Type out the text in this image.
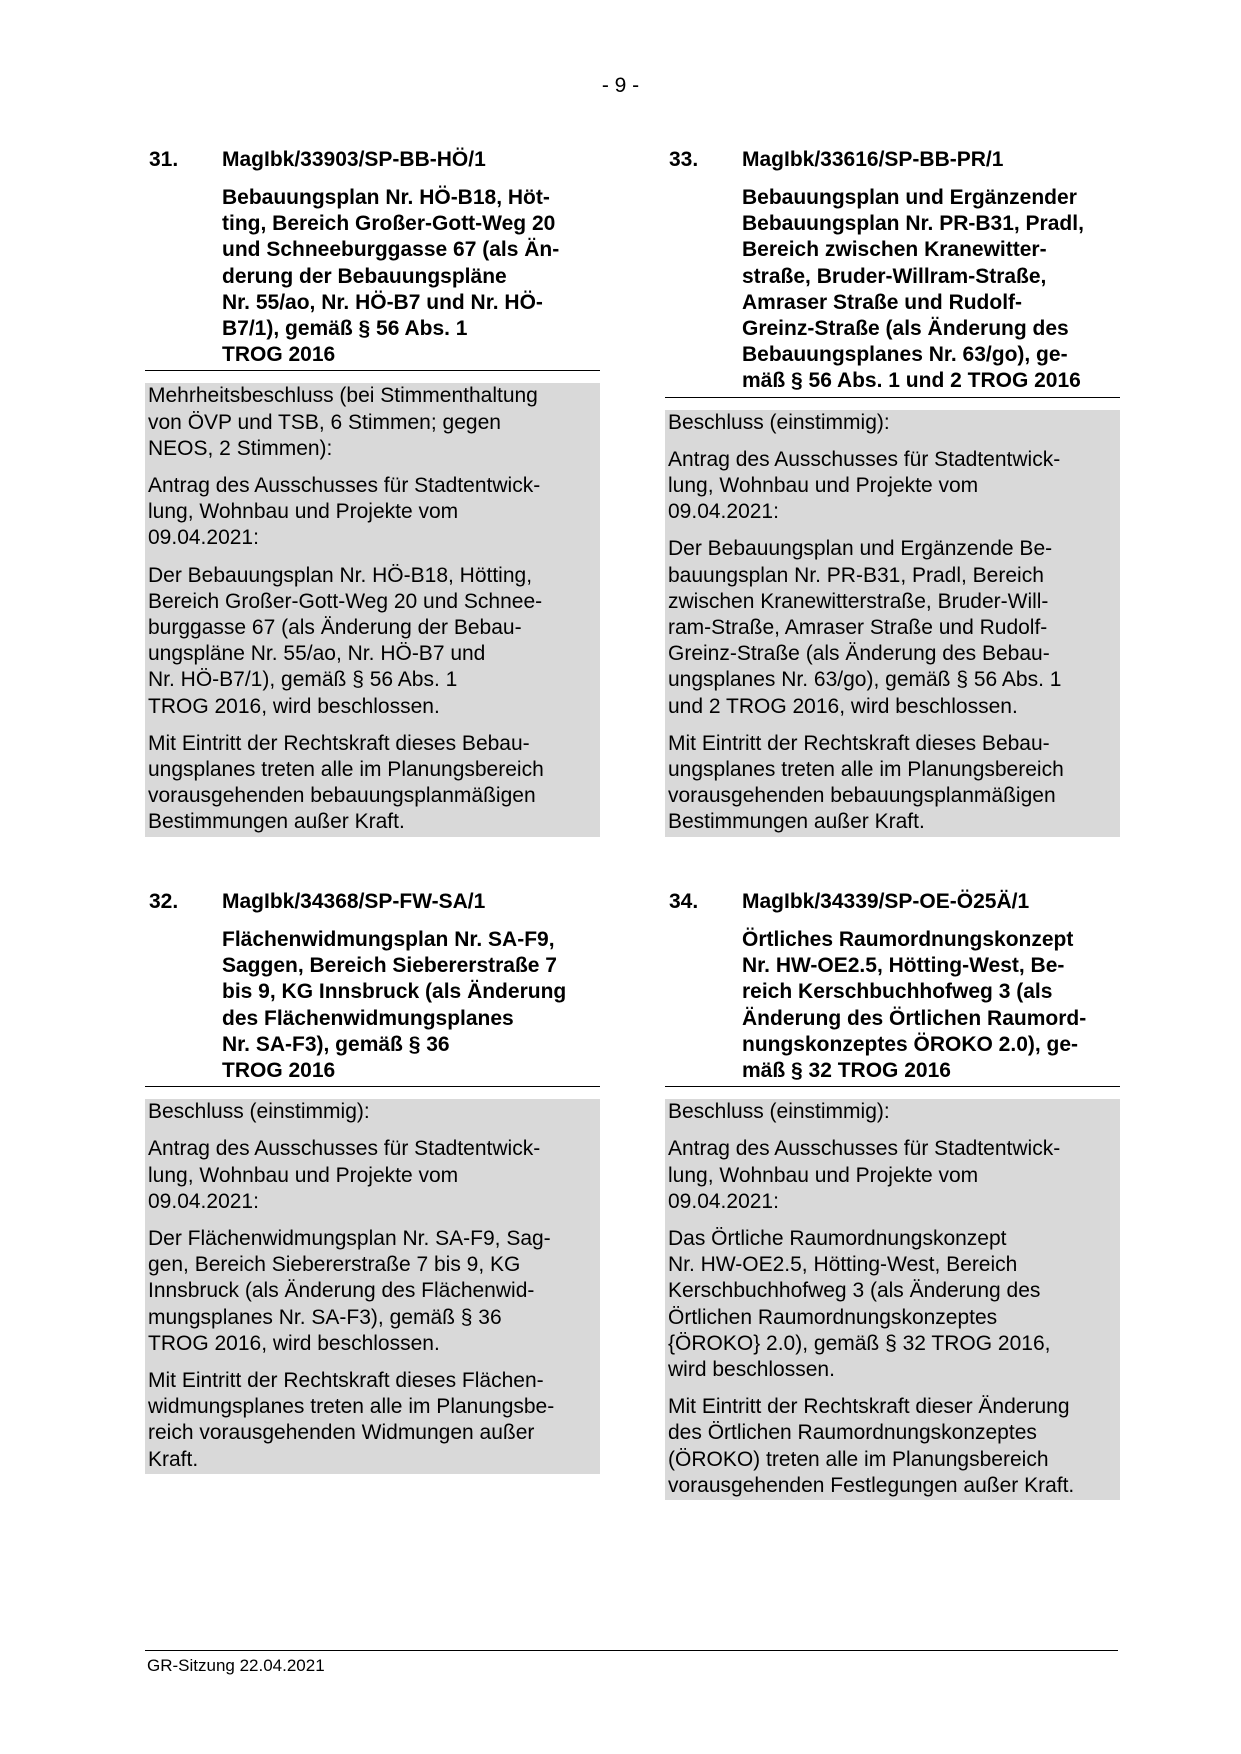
- 9 -
31. MagIbk/33903/SP-BB-HÖ/1
Bebauungsplan Nr. HÖ-B18, Höt-
ting, Bereich Großer-Gott-Weg 20
und Schneeburggasse 67 (als Än-
derung der Bebauungspläne
Nr. 55/ao, Nr. HÖ-B7 und Nr. HÖ-
B7/1), gemäß § 56 Abs. 1
TROG 2016

Mehrheitsbeschluss (bei Stimmenthaltung
von ÖVP und TSB, 6 Stimmen; gegen
NEOS, 2 Stimmen):

Antrag des Ausschusses für Stadtentwick-
lung, Wohnbau und Projekte vom
09.04.2021:

Der Bebauungsplan Nr. HÖ-B18, Hötting,
Bereich Großer-Gott-Weg 20 und Schnee-
burggasse 67 (als Änderung der Bebau-
ungspläne Nr. 55/ao, Nr. HÖ-B7 und
Nr. HÖ-B7/1), gemäß § 56 Abs. 1
TROG 2016, wird beschlossen.

Mit Eintritt der Rechtskraft dieses Bebau-
ungsplanes treten alle im Planungsbereich
vorausgehenden bebauungsplanmäßigen
Bestimmungen außer Kraft.

33. MagIbk/33616/SP-BB-PR/1
Bebauungsplan und Ergänzender
Bebauungsplan Nr. PR-B31, Pradl,
Bereich zwischen Kranewitter-
straße, Bruder-Willram-Straße,
Amraser Straße und Rudolf-
Greinz-Straße (als Änderung des
Bebauungsplanes Nr. 63/go), ge-
mäß § 56 Abs. 1 und 2 TROG 2016

Beschluss (einstimmig):

Antrag des Ausschusses für Stadtentwick-
lung, Wohnbau und Projekte vom
09.04.2021:

Der Bebauungsplan und Ergänzende Be-
bauungsplan Nr. PR-B31, Pradl, Bereich
zwischen Kranewitterstraße, Bruder-Will-
ram-Straße, Amraser Straße und Rudolf-
Greinz-Straße (als Änderung des Bebau-
ungsplanes Nr. 63/go), gemäß § 56 Abs. 1
und 2 TROG 2016, wird beschlossen.

Mit Eintritt der Rechtskraft dieses Bebau-
ungsplanes treten alle im Planungsbereich
vorausgehenden bebauungsplanmäßigen
Bestimmungen außer Kraft.

32. MagIbk/34368/SP-FW-SA/1
Flächenwidmungsplan Nr. SA-F9,
Saggen, Bereich Siebererstraße 7
bis 9, KG Innsbruck (als Änderung
des Flächenwidmungsplanes
Nr. SA-F3), gemäß § 36
TROG 2016

Beschluss (einstimmig):

Antrag des Ausschusses für Stadtentwick-
lung, Wohnbau und Projekte vom
09.04.2021:

Der Flächenwidmungsplan Nr. SA-F9, Sag-
gen, Bereich Siebererstraße 7 bis 9, KG
Innsbruck (als Änderung des Flächenwid-
mungsplanes Nr. SA-F3), gemäß § 36
TROG 2016, wird beschlossen.

Mit Eintritt der Rechtskraft dieses Flächen-
widmungsplanes treten alle im Planungsbe-
reich vorausgehenden Widmungen außer
Kraft.

34. MagIbk/34339/SP-OE-Ö25Ä/1
Örtliches Raumordnungskonzept
Nr. HW-OE2.5, Hötting-West, Be-
reich Kerschbuchhofweg 3 (als
Änderung des Örtlichen Raumord-
nungskonzeptes ÖROKO 2.0), ge-
mäß § 32 TROG 2016

Beschluss (einstimmig):

Antrag des Ausschusses für Stadtentwick-
lung, Wohnbau und Projekte vom
09.04.2021:

Das Örtliche Raumordnungskonzept
Nr. HW-OE2.5, Hötting-West, Bereich
Kerschbuchhofweg 3 (als Änderung des
Örtlichen Raumordnungskonzeptes
{ÖROKO} 2.0), gemäß § 32 TROG 2016,
wird beschlossen.

Mit Eintritt der Rechtskraft dieser Änderung
des Örtlichen Raumordnungskonzeptes
(ÖROKO) treten alle im Planungsbereich
vorausgehenden Festlegungen außer Kraft.

GR-Sitzung 22.04.2021
